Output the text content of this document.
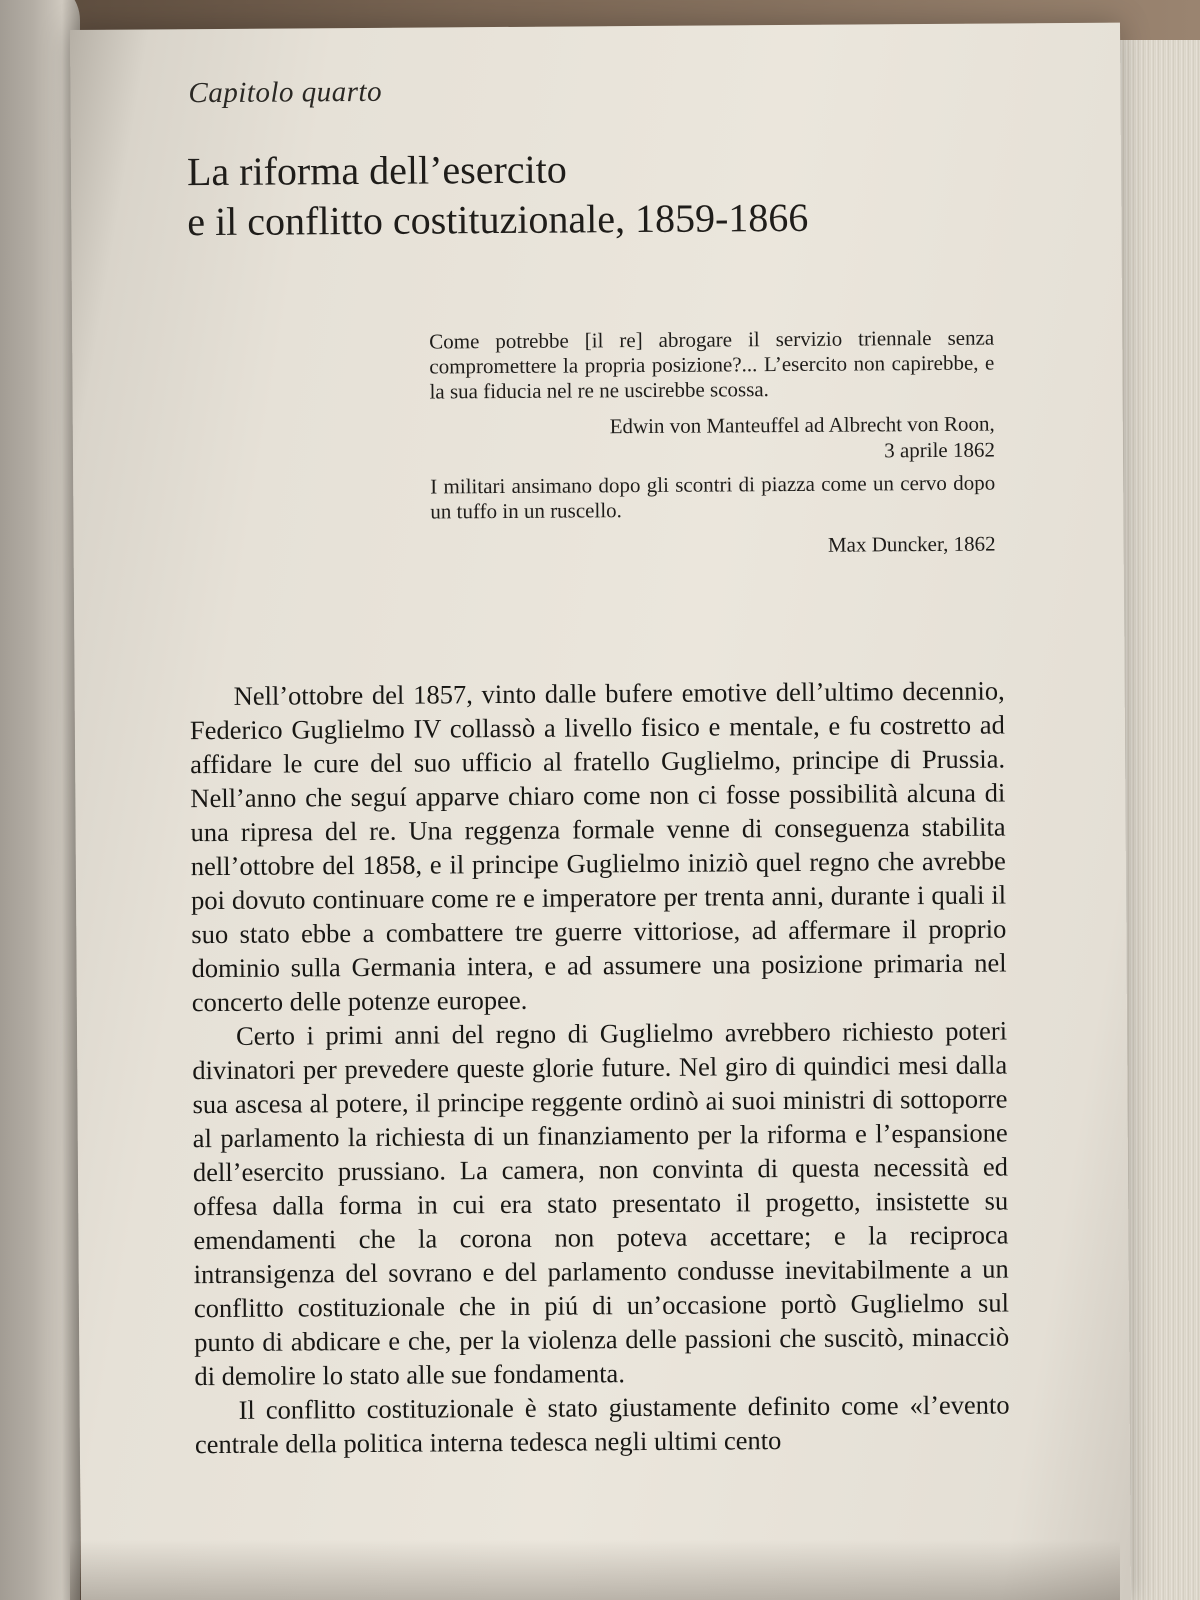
Capitolo quarto
La riforma dell’esercito
e il conflitto costituzionale, 1859-1866

Come potrebbe [il re] abrogare il servizio triennale senza compromettere la propria posizione?... L’esercito non capirebbe, e la sua fiducia nel re ne uscirebbe scossa.

Edwin von Manteuffel ad Albrecht von Roon,
3 aprile 1862

I militari ansimano dopo gli scontri di piazza come un cervo dopo un tuffo in un ruscello.

Max Duncker, 1862

Nell’ottobre del 1857, vinto dalle bufere emotive dell’ultimo decennio, Federico Guglielmo IV collassò a livello fisico e mentale, e fu costretto ad affidare le cure del suo ufficio al fratello Guglielmo, principe di Prussia. Nell’anno che seguí apparve chiaro come non ci fosse possibilità alcuna di una ripresa del re. Una reggenza formale venne di conseguenza stabilita nell’ottobre del 1858, e il principe Guglielmo iniziò quel regno che avrebbe poi dovuto continuare come re e imperatore per trenta anni, durante i quali il suo stato ebbe a combattere tre guerre vittoriose, ad affermare il proprio dominio sulla Germania intera, e ad assumere una posizione primaria nel concerto delle potenze europee.

Certo i primi anni del regno di Guglielmo avrebbero richiesto poteri divinatori per prevedere queste glorie future. Nel giro di quindici mesi dalla sua ascesa al potere, il principe reggente ordinò ai suoi ministri di sottoporre al parlamento la richiesta di un finanziamento per la riforma e l’espansione dell’esercito prussiano. La camera, non convinta di questa necessità ed offesa dalla forma in cui era stato presentato il progetto, insistette su emendamenti che la corona non poteva accettare; e la reciproca intransigenza del sovrano e del parlamento condusse inevitabilmente a un conflitto costituzionale che in piú di un’occasione portò Guglielmo sul punto di abdicare e che, per la violenza delle passioni che suscitò, minacciò di demolire lo stato alle sue fondamenta.

Il conflitto costituzionale è stato giustamente definito come «l’evento centrale della politica interna tedesca negli ultimi cento
